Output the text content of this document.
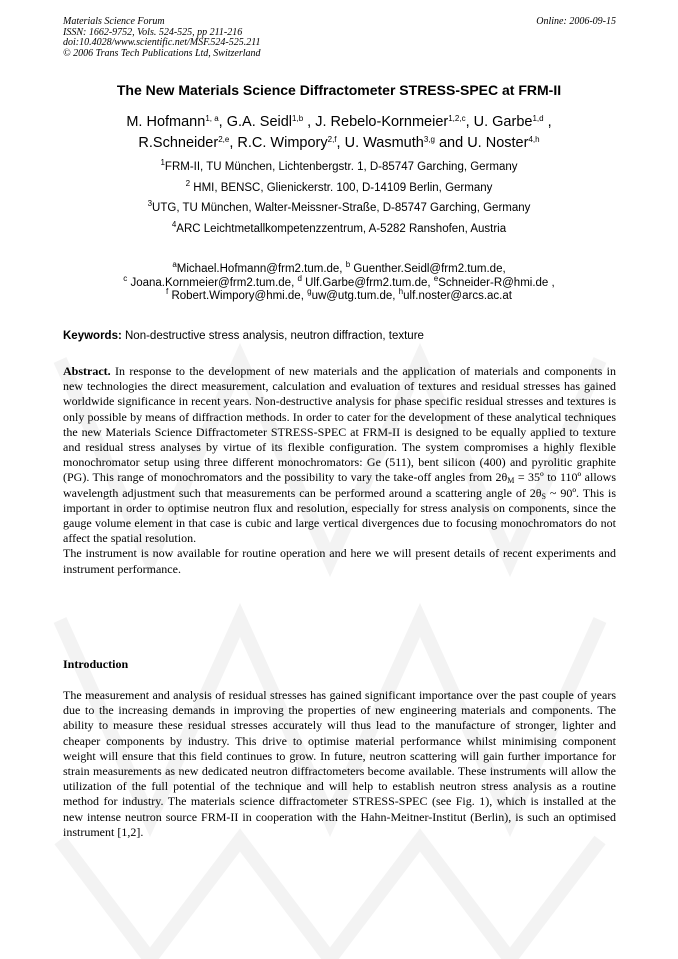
Materials Science Forum
ISSN: 1662-9752, Vols. 524-525, pp 211-216
doi:10.4028/www.scientific.net/MSF.524-525.211
© 2006 Trans Tech Publications Ltd, Switzerland
Online: 2006-09-15
The New Materials Science Diffractometer STRESS-SPEC at FRM-II
M. Hofmann$^{1, a}$, G.A. Seidl$^{1,b}$ , J. Rebelo-Kornmeier$^{1,2,c}$, U. Garbe$^{1,d}$ ,
R.Schneider$^{2,e}$, R.C. Wimpory$^{2,f}$, U. Wasmuth$^{3,g}$ and U. Noster$^{4,h}$
$^1$FRM-II, TU München, Lichtenbergstr. 1, D-85747 Garching, Germany
$^2$ HMI, BENSC, Glienickerstr. 100, D-14109 Berlin, Germany
$^3$UTG, TU München, Walter-Meissner-Straße, D-85747 Garching, Germany
$^4$ARC Leichtmetallkompetenzzentrum, A-5282 Ranshofen, Austria
$^a$Michael.Hofmann@frm2.tum.de, $^b$ Guenther.Seidl@frm2.tum.de,
$^c$ Joana.Kornmeier@frm2.tum.de, $^d$ Ulf.Garbe@frm2.tum.de, $^e$Schneider-R@hmi.de ,
$^f$ Robert.Wimpory@hmi.de, $^g$uw@utg.tum.de, $^h$ulf.noster@arcs.ac.at
Keywords: Non-destructive stress analysis, neutron diffraction, texture

Abstract. In response to the development of new materials and the application of materials and components in new technologies the direct measurement, calculation and evaluation of textures and residual stresses has gained worldwide significance in recent years. Non-destructive analysis for phase specific residual stresses and textures is only possible by means of diffraction methods. In order to cater for the development of these analytical techniques the new Materials Science Diffractometer STRESS-SPEC at FRM-II is designed to be equally applied to texture and residual stress analyses by virtue of its flexible configuration. The system compromises a highly flexible monochromator setup using three different monochromators: Ge (511), bent silicon (400) and pyrolitic graphite (PG). This range of monochromators and the possibility to vary the take-off angles from $2\theta_M$ = 35º to 110º allows wavelength adjustment such that measurements can be performed around a scattering angle of $2\theta_S$ ~ 90º. This is important in order to optimise neutron flux and resolution, especially for stress analysis on components, since the gauge volume element in that case is cubic and large vertical divergences due to focusing monochromators do not affect the spatial resolution.

The instrument is now available for routine operation and here we will present details of recent experiments and instrument performance.

Introduction
The measurement and analysis of residual stresses has gained significant importance over the past couple of years due to the increasing demands in improving the properties of new engineering materials and components. The ability to measure these residual stresses accurately will thus lead to the manufacture of stronger, lighter and cheaper components by industry. This drive to optimise material performance whilst minimising component weight will ensure that this field continues to grow. In future, neutron scattering will gain further importance for strain measurements as new dedicated neutron diffractometers become available. These instruments will allow the utilization of the full potential of the technique and will help to establish neutron stress analysis as a routine method for industry. The materials science diffractometer STRESS-SPEC (see Fig. 1), which is installed at the new intense neutron source FRM-II in cooperation with the Hahn-Meitner-Institut (Berlin), is such an optimised instrument [1,2].
